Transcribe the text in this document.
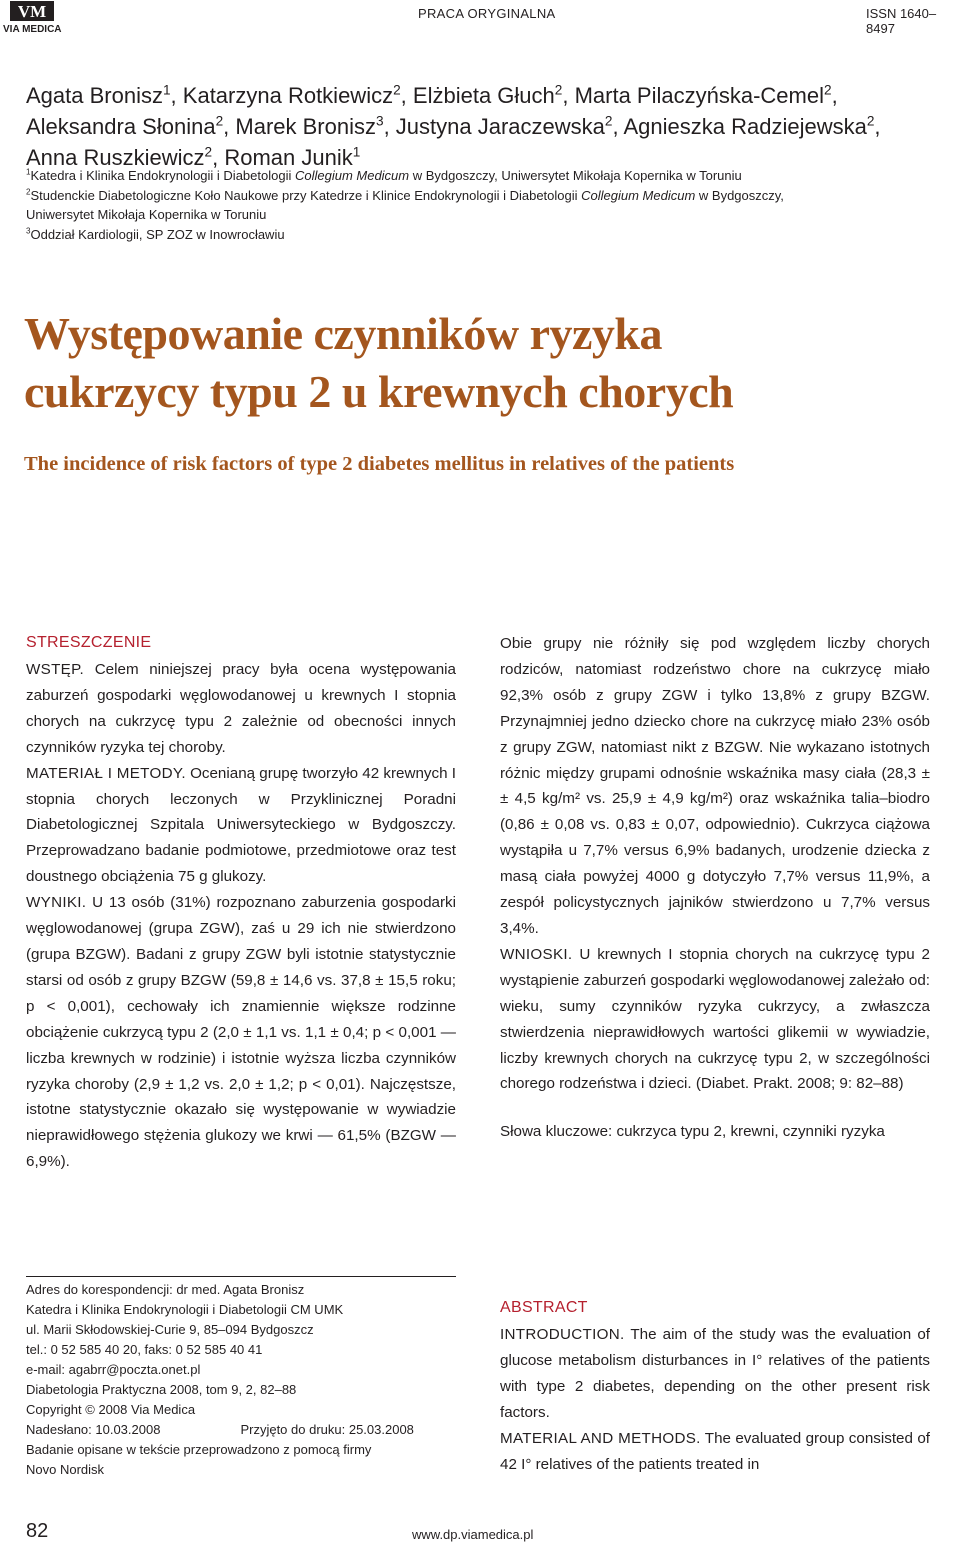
VM
VIA MEDICA
PRACA ORYGINALNA	ISSN 1640–8497
Agata Bronisz$^1$, Katarzyna Rotkiewicz$^2$, Elżbieta Głuch$^2$, Marta Pilaczyńska-Cemel$^2$,
Aleksandra Słonina$^2$, Marek Bronisz$^3$, Justyna Jaraczewska$^2$, Agnieszka Radziejewska$^2$,
Anna Ruszkiewicz$^2$, Roman Junik$^1$
$^1$Katedra i Klinika Endokrynologii i Diabetologii Collegium Medicum w Bydgoszczy, Uniwersytet Mikołaja Kopernika w Toruniu
$^2$Studenckie Diabetologiczne Koło Naukowe przy Katedrze i Klinice Endokrynologii i Diabetologii Collegium Medicum w Bydgoszczy,
Uniwersytet Mikołaja Kopernika w Toruniu
$^3$Oddział Kardiologii, SP ZOZ w Inowrocławiu
Występowanie czynników ryzyka
cukrzycy typu 2 u krewnych chorych
The incidence of risk factors of type 2 diabetes mellitus in relatives of the patients
STRESZCZENIE

WSTĘP. Celem niniejszej pracy była ocena występowania zaburzeń gospodarki węglowodanowej u krewnych I stopnia chorych na cukrzycę typu 2 zależnie od obecności innych czynników ryzyka tej choroby.

MATERIAŁ I METODY. Ocenianą grupę tworzyło 42 krewnych I stopnia chorych leczonych w Przyklinicznej Poradni Diabetologicznej Szpitala Uniwersyteckiego w Bydgoszczy. Przeprowadzano badanie podmiotowe, przedmiotowe oraz test doustnego obciążenia 75 g glukozy.

WYNIKI. U 13 osób (31%) rozpoznano zaburzenia gospodarki węglowodanowej (grupa ZGW), zaś u 29 ich nie stwierdzono (grupa BZGW). Badani z grupy ZGW byli istotnie statystycznie starsi od osób z grupy BZGW (59,8 ± 14,6 vs. 37,8 ± 15,5 roku; p < 0,001), cechowały ich znamiennie większe rodzinne obciążenie cukrzycą typu 2 (2,0 ± 1,1 vs. 1,1 ± 0,4; p < 0,001 — liczba krewnych w rodzinie) i istotnie wyższa liczba czynników ryzyka choroby (2,9 ± 1,2 vs. 2,0 ± 1,2; p < 0,01). Najczęstsze, istotne statystycznie okazało się występowanie w wywiadzie nieprawidłowego stężenia glukozy we krwi — 61,5% (BZGW — 6,9%).

Obie grupy nie różniły się pod względem liczby chorych rodziców, natomiast rodzeństwo chore na cukrzycę miało 92,3% osób z grupy ZGW i tylko 13,8% z grupy BZGW. Przynajmniej jedno dziecko chore na cukrzycę miało 23% osób z grupy ZGW, natomiast nikt z BZGW. Nie wykazano istotnych różnic między grupami odnośnie wskaźnika masy ciała (28,3 ± ± 4,5 kg/m² vs. 25,9 ± 4,9 kg/m²) oraz wskaźnika talia–biodro (0,86 ± 0,08 vs. 0,83 ± 0,07, odpowiednio). Cukrzyca ciążowa wystąpiła u 7,7% versus 6,9% badanych, urodzenie dziecka z masą ciała powyżej 4000 g dotyczyło 7,7% versus 11,9%, a zespół policystycznych jajników stwierdzono u 7,7% versus 3,4%.

WNIOSKI. U krewnych I stopnia chorych na cukrzycę typu 2 wystąpienie zaburzeń gospodarki węglowodanowej zależało od: wieku, sumy czynników ryzyka cukrzycy, a zwłaszcza stwierdzenia nieprawidłowych wartości glikemii w wywiadzie, liczby krewnych chorych na cukrzycę typu 2, w szczególności chorego rodzeństwa i dzieci. (Diabet. Prakt. 2008; 9: 82–88)

Słowa kluczowe: cukrzyca typu 2, krewni, czynniki ryzyka

Adres do korespondencji: dr med. Agata Bronisz
Katedra i Klinika Endokrynologii i Diabetologii CM UMK
ul. Marii Skłodowskiej-Curie 9, 85–094 Bydgoszcz
tel.: 0 52 585 40 20, faks: 0 52 585 40 41
e-mail: agabrr@poczta.onet.pl
Diabetologia Praktyczna 2008, tom 9, 2, 82–88
Copyright © 2008 Via Medica
Nadesłano: 10.03.2008	Przyjęto do druku: 25.03.2008
Badanie opisane w tekście przeprowadzono z pomocą firmy
Novo Nordisk
ABSTRACT

INTRODUCTION. The aim of the study was the evaluation of glucose metabolism disturbances in I° relatives of the patients with type 2 diabetes, depending on the other present risk factors.

MATERIAL AND METHODS. The evaluated group consisted of 42 I° relatives of the patients treated in

82	www.dp.viamedica.pl
